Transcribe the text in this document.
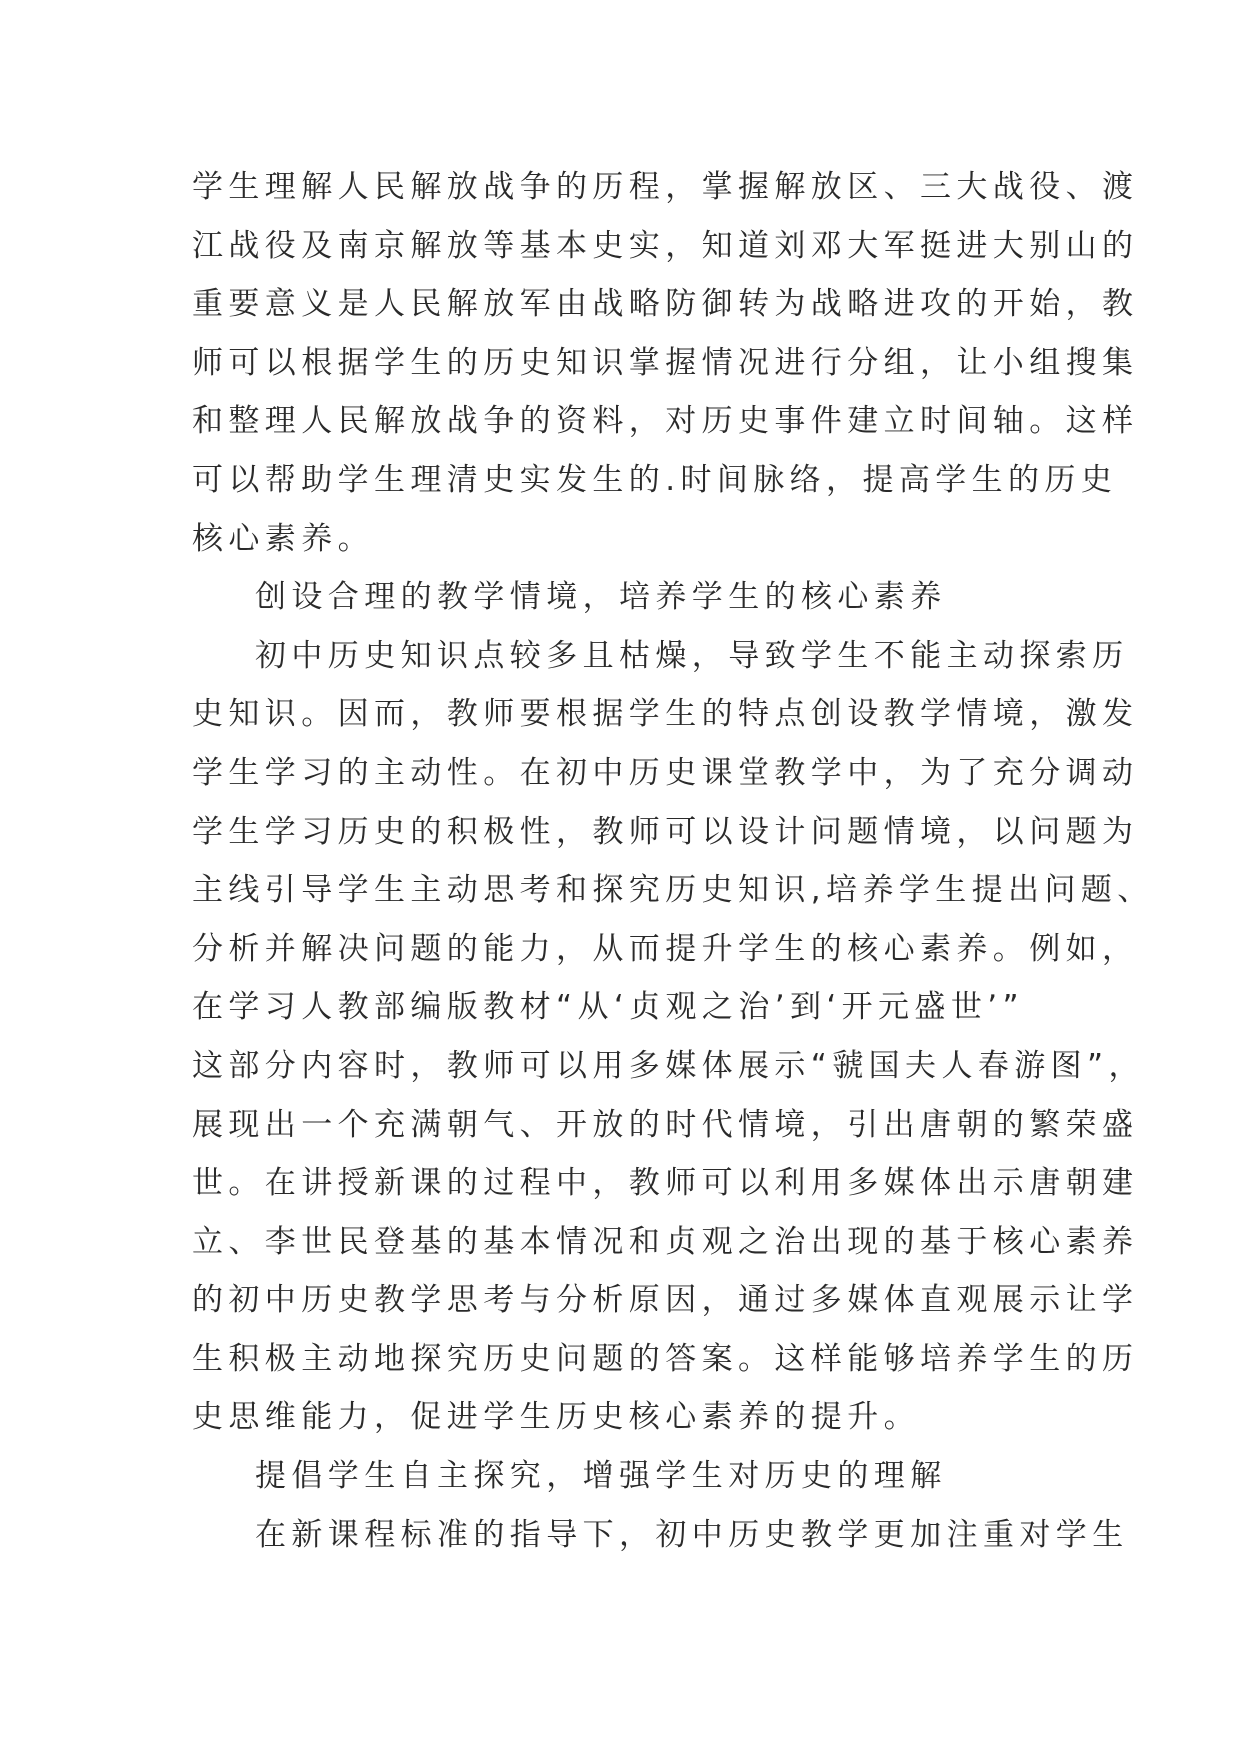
学生理解人民解放战争的历程，掌握解放区、三大战役、渡
江战役及南京解放等基本史实，知道刘邓大军挺进大别山的
重要意义是人民解放军由战略防御转为战略进攻的开始，教
师可以根据学生的历史知识掌握情况进行分组，让小组搜集
和整理人民解放战争的资料，对历史事件建立时间轴。这样
可以帮助学生理清史实发生的.时间脉络，提高学生的历史
核心素养。
创设合理的教学情境，培养学生的核心素养
初中历史知识点较多且枯燥，导致学生不能主动探索历
史知识。因而，教师要根据学生的特点创设教学情境，激发
学生学习的主动性。在初中历史课堂教学中，为了充分调动
学生学习历史的积极性，教师可以设计问题情境，以问题为
主线引导学生主动思考和探究历史知识,培养学生提出问题、
分析并解决问题的能力，从而提升学生的核心素养。例如，
在学习人教部编版教材“从‘贞观之治’到‘开元盛世’”
这部分内容时，教师可以用多媒体展示“虢国夫人春游图”，
展现出一个充满朝气、开放的时代情境，引出唐朝的繁荣盛
世。在讲授新课的过程中，教师可以利用多媒体出示唐朝建
立、李世民登基的基本情况和贞观之治出现的基于核心素养
的初中历史教学思考与分析原因，通过多媒体直观展示让学
生积极主动地探究历史问题的答案。这样能够培养学生的历
史思维能力，促进学生历史核心素养的提升。
提倡学生自主探究，增强学生对历史的理解
在新课程标准的指导下，初中历史教学更加注重对学生
